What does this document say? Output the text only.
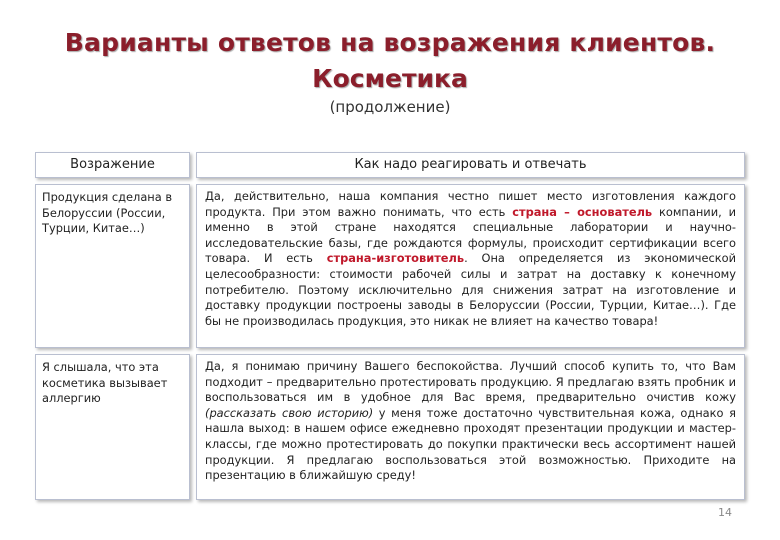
Варианты ответов на возражения клиентов.
Косметика
(продолжение)
Возражение	Как надо реагировать и отвечать
Продукция сделана в Белоруссии (России, Турции, Китае…)
Да, действительно, наша компания честно пишет место изготовления каждого продукта. При этом важно понимать, что есть страна – основатель компании, и именно в этой стране находятся специальные лаборатории и научно-исследовательские базы, где рождаются формулы, происходит сертификации всего товара. И есть страна-изготовитель. Она определяется из экономической целесообразности: стоимости рабочей силы и затрат на доставку к конечному потребителю. Поэтому исключительно для снижения затрат на изготовление и доставку продукции построены заводы в Белоруссии (России, Турции, Китае…). Где бы не производилась продукция, это никак не влияет на качество товара!
Я слышала, что эта косметика вызывает аллергию
Да, я понимаю причину Вашего беспокойства. Лучший способ купить то, что Вам подходит – предварительно протестировать продукцию. Я предлагаю взять пробник и воспользоваться им в удобное для Вас время, предварительно очистив кожу (рассказать свою историю) у меня тоже достаточно чувствительная кожа, однако я нашла выход: в нашем офисе ежедневно проходят презентации продукции и мастер-классы, где можно протестировать до покупки практически весь ассортимент нашей продукции. Я предлагаю воспользоваться этой возможностью. Приходите на презентацию в ближайшую среду!
14
